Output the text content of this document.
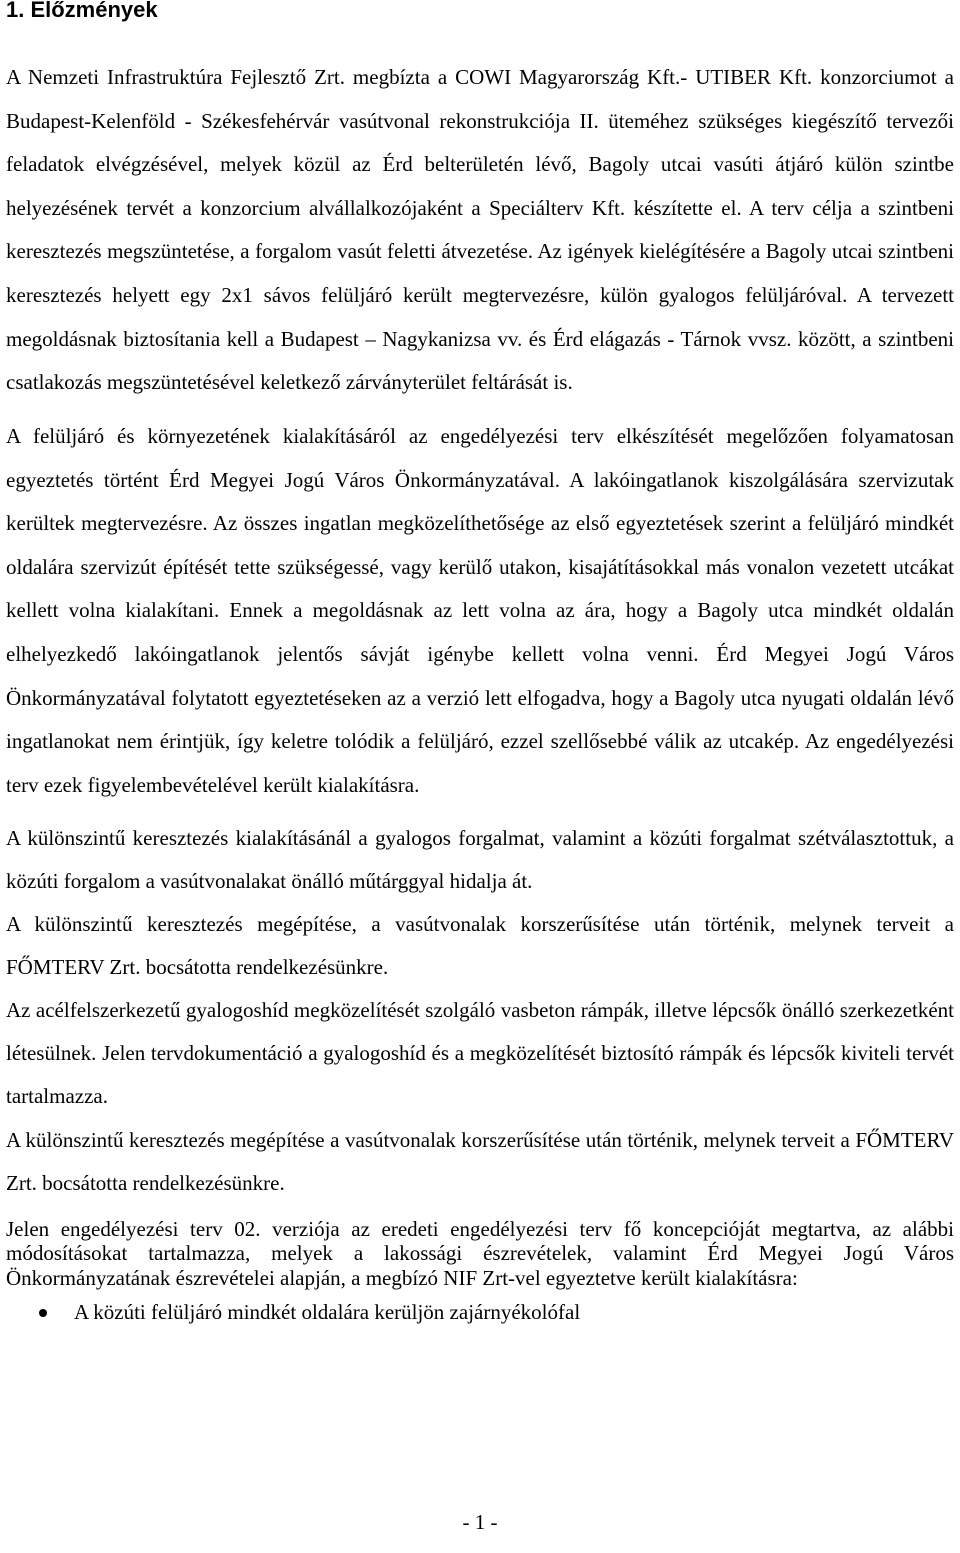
1. Előzmények

A Nemzeti Infrastruktúra Fejlesztő Zrt. megbízta a COWI Magyarország Kft.- UTIBER Kft. konzorciumot a Budapest-Kelenföld - Székesfehérvár vasútvonal rekonstrukciója II. üteméhez szükséges kiegészítő tervezői feladatok elvégzésével, melyek közül az Érd belterületén lévő, Bagoly utcai vasúti átjáró külön szintbe helyezésének tervét a konzorcium alvállalkozójaként a Speciálterv Kft. készítette el. A terv célja a szintbeni keresztezés megszüntetése, a forgalom vasút feletti átvezetése. Az igények kielégítésére a Bagoly utcai szintbeni keresztezés helyett egy 2x1 sávos felüljáró került megtervezésre, külön gyalogos felüljáróval. A tervezett megoldásnak biztosítania kell a Budapest – Nagykanizsa vv. és Érd elágazás - Tárnok vvsz. között, a szintbeni csatlakozás megszüntetésével keletkező zárványterület feltárását is.

A felüljáró és környezetének kialakításáról az engedélyezési terv elkészítését megelőzően folyamatosan egyeztetés történt Érd Megyei Jogú Város Önkormányzatával. A lakóingatlanok kiszolgálására szervizutak kerültek megtervezésre. Az összes ingatlan megközelíthetősége az első egyeztetések szerint a felüljáró mindkét oldalára szervizút építését tette szükségessé, vagy kerülő utakon, kisajátításokkal más vonalon vezetett utcákat kellett volna kialakítani. Ennek a megoldásnak az lett volna az ára, hogy a Bagoly utca mindkét oldalán elhelyezkedő lakóingatlanok jelentős sávját igénybe kellett volna venni. Érd Megyei Jogú Város Önkormányzatával folytatott egyeztetéseken az a verzió lett elfogadva, hogy a Bagoly utca nyugati oldalán lévő ingatlanokat nem érintjük, így keletre tolódik a felüljáró, ezzel szellősebbé válik az utcakép. Az engedélyezési terv ezek figyelembevételével került kialakításra.

A különszintű keresztezés kialakításánál a gyalogos forgalmat, valamint a közúti forgalmat szétválasztottuk, a közúti forgalom a vasútvonalakat önálló műtárggyal hidalja át.

A különszintű keresztezés megépítése, a vasútvonalak korszerűsítése után történik, melynek terveit a FŐMTERV Zrt. bocsátotta rendelkezésünkre.

Az acélfelszerkezetű gyalogoshíd megközelítését szolgáló vasbeton rámpák, illetve lépcsők önálló szerkezetként létesülnek. Jelen tervdokumentáció a gyalogoshíd és a megközelítését biztosító rámpák és lépcsők kiviteli tervét tartalmazza.

A különszintű keresztezés megépítése a vasútvonalak korszerűsítése után történik, melynek terveit a FŐMTERV Zrt. bocsátotta rendelkezésünkre.

Jelen engedélyezési terv 02. verziója az eredeti engedélyezési terv fő koncepcióját megtartva, az alábbi módosításokat tartalmazza, melyek a lakossági észrevételek, valamint Érd Megyei Jogú Város Önkormányzatának észrevételei alapján, a megbízó NIF Zrt-vel egyeztetve került kialakításra:

A közúti felüljáró mindkét oldalára kerüljön zajárnyékolófal
- 1 -
